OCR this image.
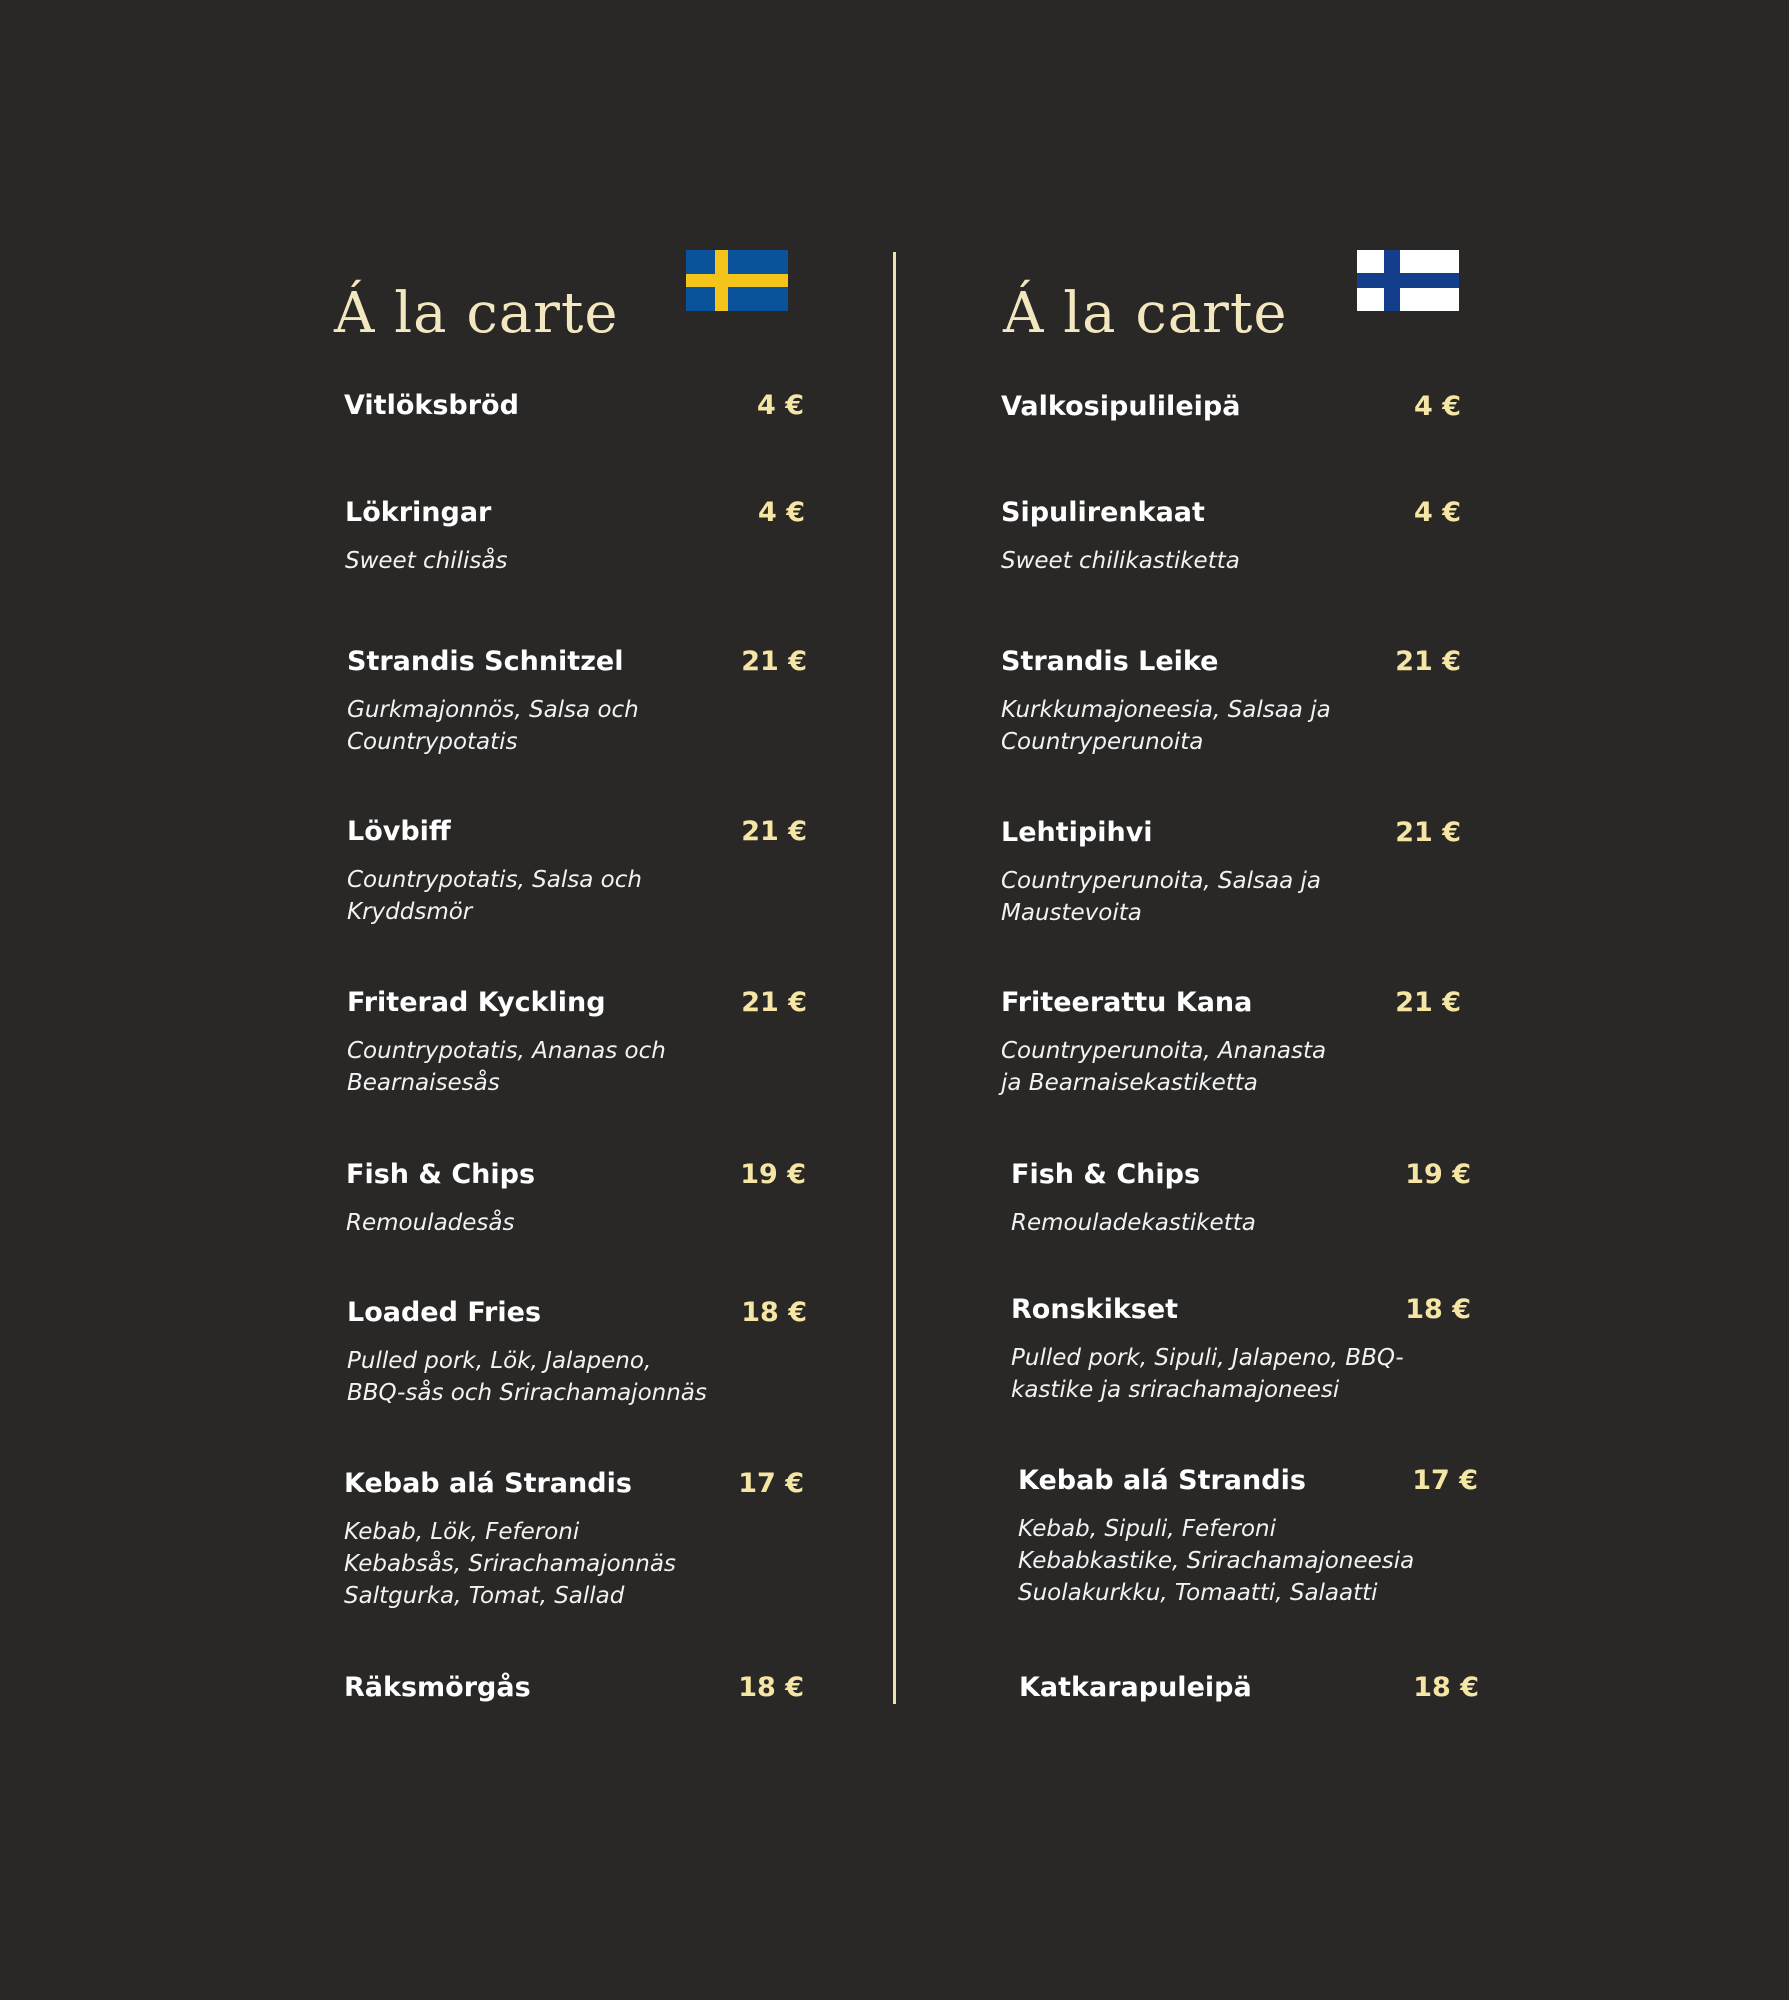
Á la carte
Vitlöksbröd	4 €
Lökringar	4 €
Sweet chilisås
Strandis Schnitzel	21 €
Gurkmajonnös, Salsa och
Countrypotatis
Lövbiff	21 €
Countrypotatis, Salsa och
Kryddsmör
Friterad Kyckling	21 €
Countrypotatis, Ananas och
Bearnaisesås
Fish & Chips	19 €
Remouladesås
Loaded Fries	18 €
Pulled pork, Lök, Jalapeno,
BBQ-sås och Srirachamajonnäs
Kebab alá Strandis	17 €
Kebab, Lök, Feferoni
Kebabsås, Srirachamajonnäs
Saltgurka, Tomat, Sallad
Räksmörgås	18 €
Á la carte
Valkosipulileipä	4 €
Sipulirenkaat	4 €
Sweet chilikastiketta
Strandis Leike	21 €
Kurkkumajoneesia, Salsaa ja
Countryperunoita
Lehtipihvi	21 €
Countryperunoita, Salsaa ja
Maustevoita
Friteerattu Kana	21 €
Countryperunoita, Ananasta
ja Bearnaisekastiketta
Fish & Chips	19 €
Remouladekastiketta
Ronskikset	18 €
Pulled pork, Sipuli, Jalapeno, BBQ-
kastike ja srirachamajoneesi
Kebab alá Strandis	17 €
Kebab, Sipuli, Feferoni
Kebabkastike, Srirachamajoneesia
Suolakurkku, Tomaatti, Salaatti
Katkarapuleipä	18 €
